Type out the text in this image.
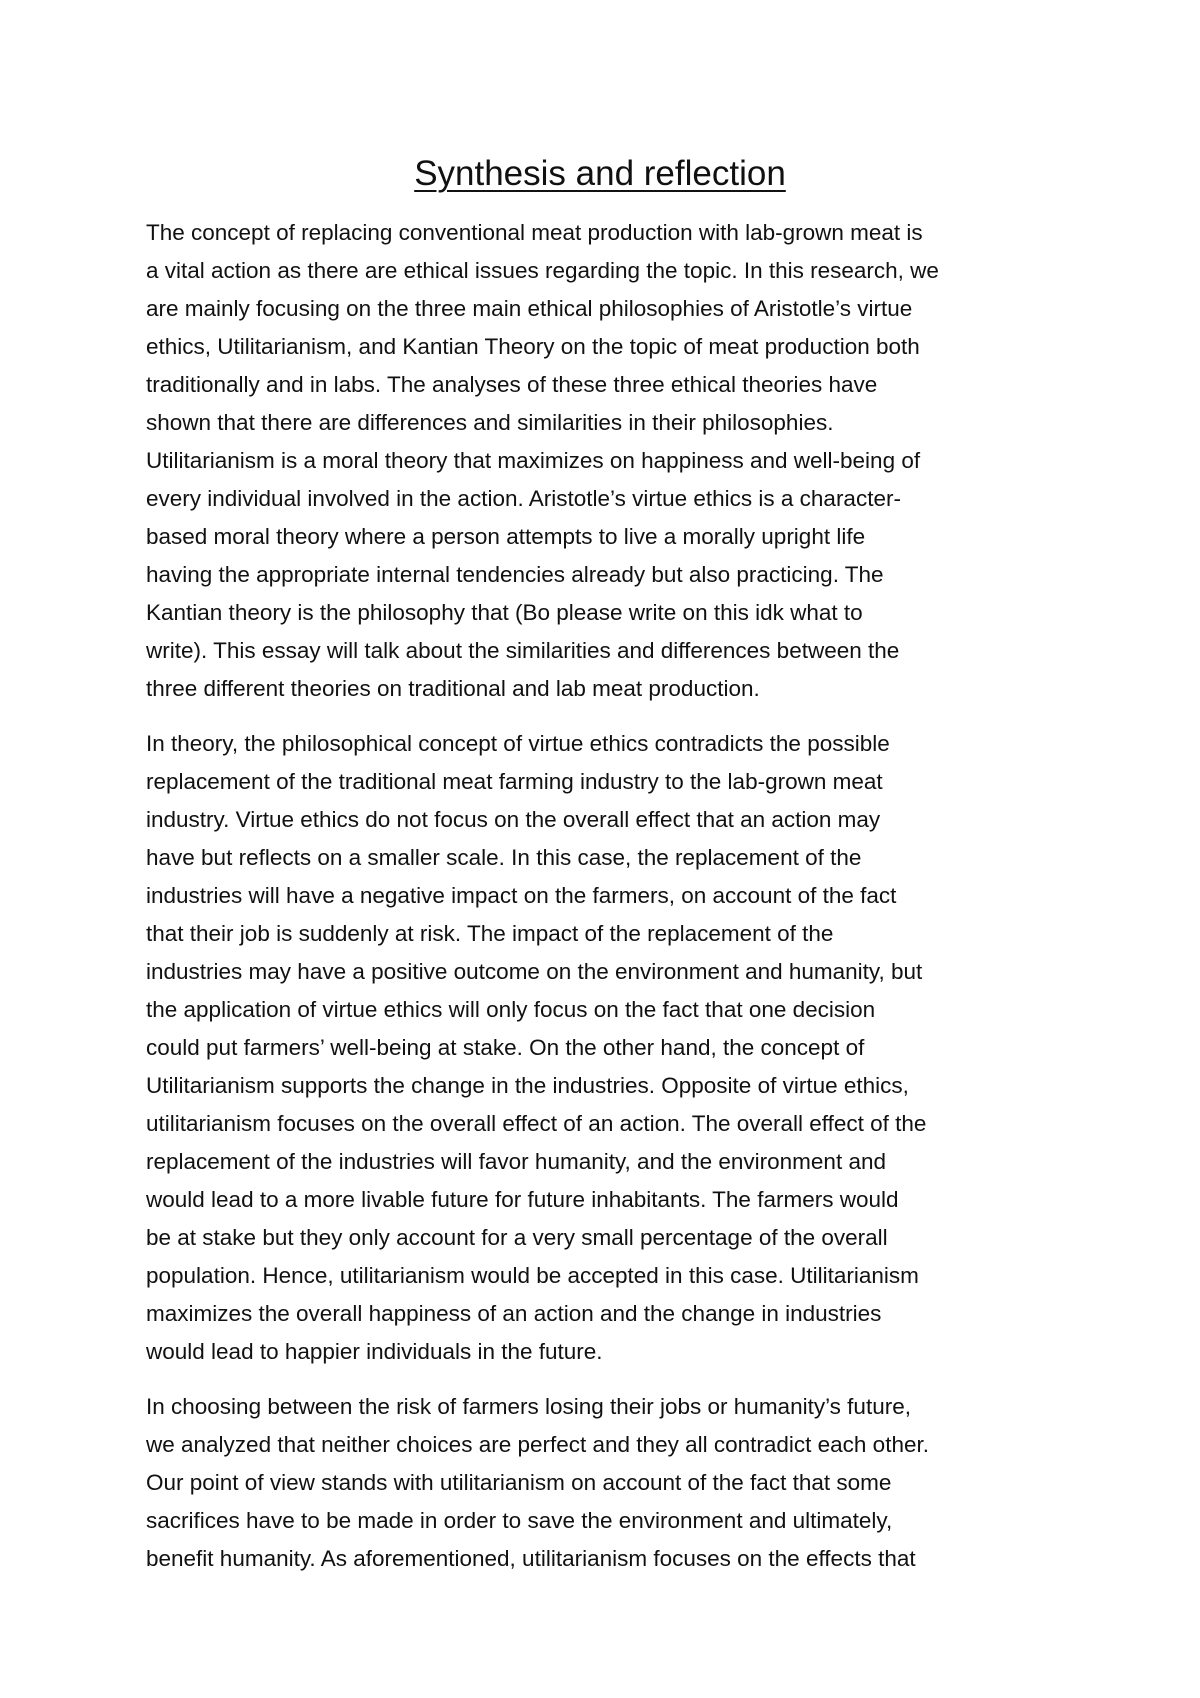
Synthesis and reflection
The concept of replacing conventional meat production with lab-grown meat is
a vital action as there are ethical issues regarding the topic. In this research, we
are mainly focusing on the three main ethical philosophies of Aristotle’s virtue
ethics, Utilitarianism, and Kantian Theory on the topic of meat production both
traditionally and in labs. The analyses of these three ethical theories have
shown that there are differences and similarities in their philosophies.
Utilitarianism is a moral theory that maximizes on happiness and well-being of
every individual involved in the action. Aristotle’s virtue ethics is a character-
based moral theory where a person attempts to live a morally upright life
having the appropriate internal tendencies already but also practicing. The
Kantian theory is the philosophy that (Bo please write on this idk what to
write). This essay will talk about the similarities and differences between the
three different theories on traditional and lab meat production.
In theory, the philosophical concept of virtue ethics contradicts the possible
replacement of the traditional meat farming industry to the lab-grown meat
industry. Virtue ethics do not focus on the overall effect that an action may
have but reflects on a smaller scale. In this case, the replacement of the
industries will have a negative impact on the farmers, on account of the fact
that their job is suddenly at risk. The impact of the replacement of the
industries may have a positive outcome on the environment and humanity, but
the application of virtue ethics will only focus on the fact that one decision
could put farmers’ well-being at stake. On the other hand, the concept of
Utilitarianism supports the change in the industries. Opposite of virtue ethics,
utilitarianism focuses on the overall effect of an action. The overall effect of the
replacement of the industries will favor humanity, and the environment and
would lead to a more livable future for future inhabitants. The farmers would
be at stake but they only account for a very small percentage of the overall
population. Hence, utilitarianism would be accepted in this case. Utilitarianism
maximizes the overall happiness of an action and the change in industries
would lead to happier individuals in the future.
In choosing between the risk of farmers losing their jobs or humanity’s future,
we analyzed that neither choices are perfect and they all contradict each other.
Our point of view stands with utilitarianism on account of the fact that some
sacrifices have to be made in order to save the environment and ultimately,
benefit humanity. As aforementioned, utilitarianism focuses on the effects that
